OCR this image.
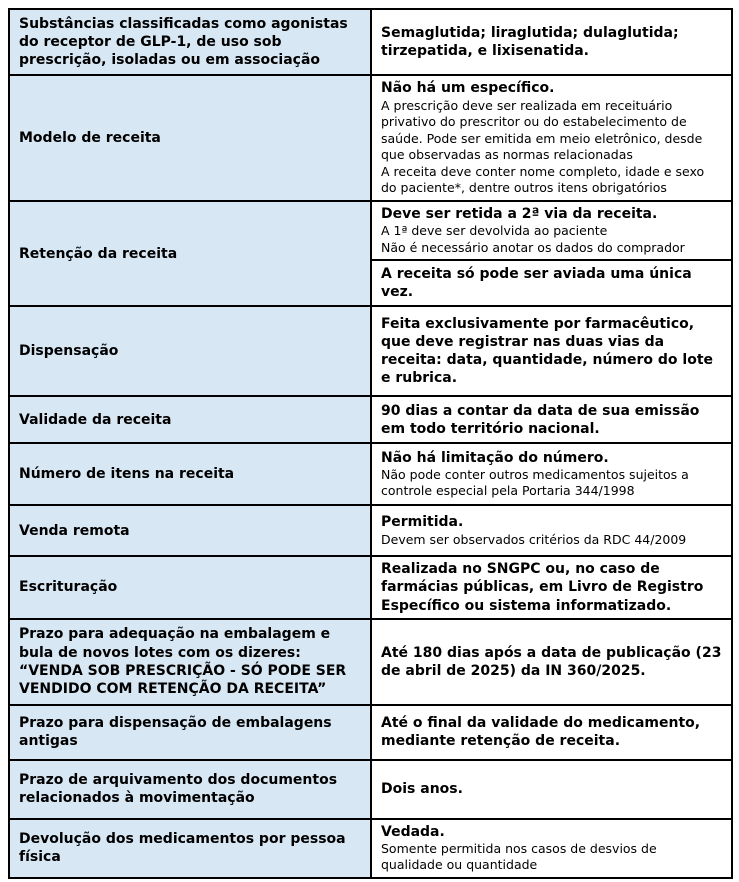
Substâncias classificadas como agonistas do receptor de GLP-1, de uso sob prescrição, isoladas ou em associação	Semaglutida; liraglutida; dulaglutida; tirzepatida, e lixisenatida.

Modelo de receita	Não há um específico.
A prescrição deve ser realizada em receituário privativo do prescritor ou do estabelecimento de saúde. Pode ser emitida em meio eletrônico, desde que observadas as normas relacionadas
A receita deve conter nome completo, idade e sexo do paciente*, dentre outros itens obrigatórios

Retenção da receita	Deve ser retida a 2ª via da receita.
A 1ª deve ser devolvida ao paciente
Não é necessário anotar os dados do comprador

	A receita só pode ser aviada uma única vez.

Dispensação	Feita exclusivamente por farmacêutico, que deve registrar nas duas vias da receita: data, quantidade, número do lote e rubrica.

Validade da receita	90 dias a contar da data de sua emissão em todo território nacional.

Número de itens na receita	Não há limitação do número.
Não pode conter outros medicamentos sujeitos a controle especial pela Portaria 344/1998

Venda remota	Permitida.
Devem ser observados critérios da RDC 44/2009

Escrituração	Realizada no SNGPC ou, no caso de farmácias públicas, em Livro de Registro Específico ou sistema informatizado.

Prazo para adequação na embalagem e bula de novos lotes com os dizeres: “VENDA SOB PRESCRIÇÃO - SÓ PODE SER VENDIDO COM RETENÇÃO DA RECEITA”	Até 180 dias após a data de publicação (23 de abril de 2025) da IN 360/2025.

Prazo para dispensação de embalagens antigas	Até o final da validade do medicamento, mediante retenção de receita.

Prazo de arquivamento dos documentos relacionados à movimentação	Dois anos.

Devolução dos medicamentos por pessoa física	Vedada.
Somente permitida nos casos de desvios de qualidade ou quantidade
